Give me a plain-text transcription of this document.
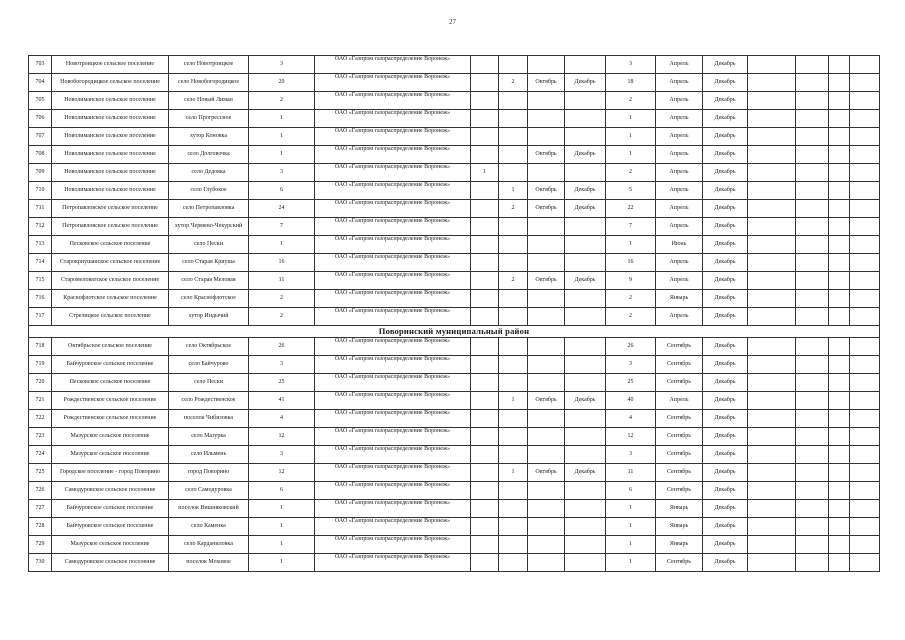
27
703	Новотроицкое сельское поселение	село Новотроицкое	3	ОАО «Газпром газораспределение Воронеж»					3	Апрель	Декабрь				
704	Новобогородицкое сельское поселение	село Новобогородицкое	20	ОАО «Газпром газораспределение Воронеж»		2	Октябрь	Декабрь	18	Апрель	Декабрь				
705	Новолиманское сельское поселение	село Новый Лиман	2	ОАО «Газпром газораспределение Воронеж»					2	Апрель	Декабрь				
706	Новолиманское сельское поселение	село Прогрессное	1	ОАО «Газпром газораспределение Воронеж»					1	Апрель	Декабрь				
707	Новолиманское сельское поселение	хутор Коновка	1	ОАО «Газпром газораспределение Воронеж»					1	Апрель	Декабрь				
708	Новолиманское сельское поселение	село Долговочка	1	ОАО «Газпром газораспределение Воронеж»			Октябрь	Декабрь	1	Апрель	Декабрь				
709	Новолиманское сельское поселение	село Дедовка	3	ОАО «Газпром газораспределение Воронеж»	1				2	Апрель	Декабрь				
710	Новолиманское сельское поселение	село Глубокое	6	ОАО «Газпром газораспределение Воронеж»		1	Октябрь	Декабрь	5	Апрель	Декабрь				
711	Петропавловское сельское поселение	село Петропавловка	24	ОАО «Газпром газораспределение Воронеж»		2	Октябрь	Декабрь	22	Апрель	Декабрь				
712	Петропавловское сельское поселение	хутор Чермено-Чекурский	7	ОАО «Газпром газораспределение Воронеж»					7	Апрель	Декабрь				
713	Песковское сельское поселение	село Пески	1	ОАО «Газпром газораспределение Воронеж»					1	Июнь	Декабрь				
714	Старокриушанское сельское поселение	село Старая Криуша	16	ОАО «Газпром газораспределение Воронеж»					16	Апрель	Декабрь				
715	Старомеловатское сельское поселение	село Старая Меловая	11	ОАО «Газпром газораспределение Воронеж»		2	Октябрь	Декабрь	9	Апрель	Декабрь				
716	Краснофлотское сельское поселение	село Краснофлотское	2	ОАО «Газпром газораспределение Воронеж»					2	Январь	Декабрь				
717	Стрелицкое сельское поселение	хутор Индычий	2	ОАО «Газпром газораспределение Воронеж»					2	Апрель	Декабрь				
Поворинский муниципальный район															
718	Октябрьское сельское поселение	село Октябрьское	26	ОАО «Газпром газораспределение Воронеж»					26	Сентябрь	Декабрь				
719	Байчуровское сельское поселение	село Байчурово	3	ОАО «Газпром газораспределение Воронеж»					3	Сентябрь	Декабрь				
720	Песковское сельское поселение	село Пески	25	ОАО «Газпром газораспределение Воронеж»					25	Сентябрь	Декабрь				
721	Рождественское сельское поселение	село Рождественское	41	ОАО «Газпром газораспределение Воронеж»		1	Октябрь	Декабрь	40	Апрель	Декабрь				
722	Рождественское сельское поселение	поселок Чибизовка	4	ОАО «Газпром газораспределение Воронеж»					4	Сентябрь	Декабрь				
723	Мазурское сельское поселение	село Мазурка	12	ОАО «Газпром газораспределение Воронеж»					12	Сентябрь	Декабрь				
724	Мазурское сельское поселение	село Ильмень	3	ОАО «Газпром газораспределение Воронеж»					3	Сентябрь	Декабрь				
725	Городское поселение - город Поворино	город Поворино	12	ОАО «Газпром газораспределение Воронеж»		1	Октябрь	Декабрь	11	Сентябрь	Декабрь				
726	Самодуровское сельское поселение	село Самодуровка	6	ОАО «Газпром газораспределение Воронеж»					6	Сентябрь	Декабрь				
727	Байчуровское сельское поселение	поселок Вишняковский	1	ОАО «Газпром газораспределение Воронеж»					1	Январь	Декабрь				
728	Байчуровское сельское поселение	село Каменка	1	ОАО «Газпром газораспределение Воронеж»					1	Январь	Декабрь				
729	Мазурское сельское поселение	село Карданиловка	1	ОАО «Газпром газораспределение Воронеж»					1	Январь	Декабрь				
730	Самодуровское сельское поселение	поселок Моховое	1	ОАО «Газпром газораспределение Воронеж»					1	Сентябрь	Декабрь				
